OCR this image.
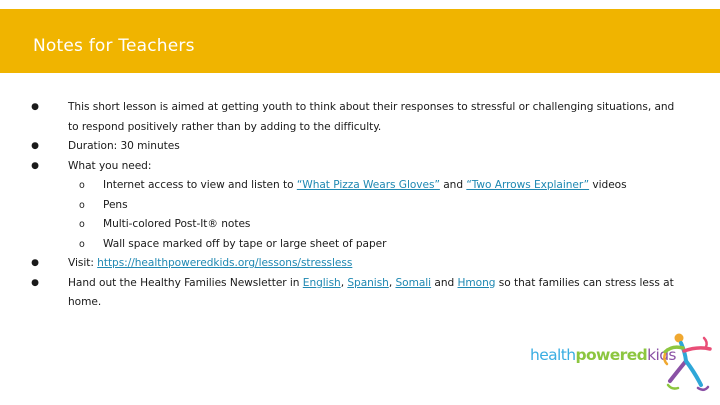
Notes for Teachers
●	This short lesson is aimed at getting youth to think about their responses to stressful or challenging situations, and to respond positively rather than by adding to the difficulty.
●	Duration: 30 minutes
●	What you need:
o Internet access to view and listen to “What Pizza Wears Gloves” and “Two Arrows Explainer” videos
o Pens
o Multi-colored Post-It® notes
o Wall space marked off by tape or large sheet of paper
●	Visit: https://healthpoweredkids.org/lessons/stressless
●	Hand out the Healthy Families Newsletter in English, Spanish, Somali and Hmong so that families can stress less at home.
healthpoweredkids
